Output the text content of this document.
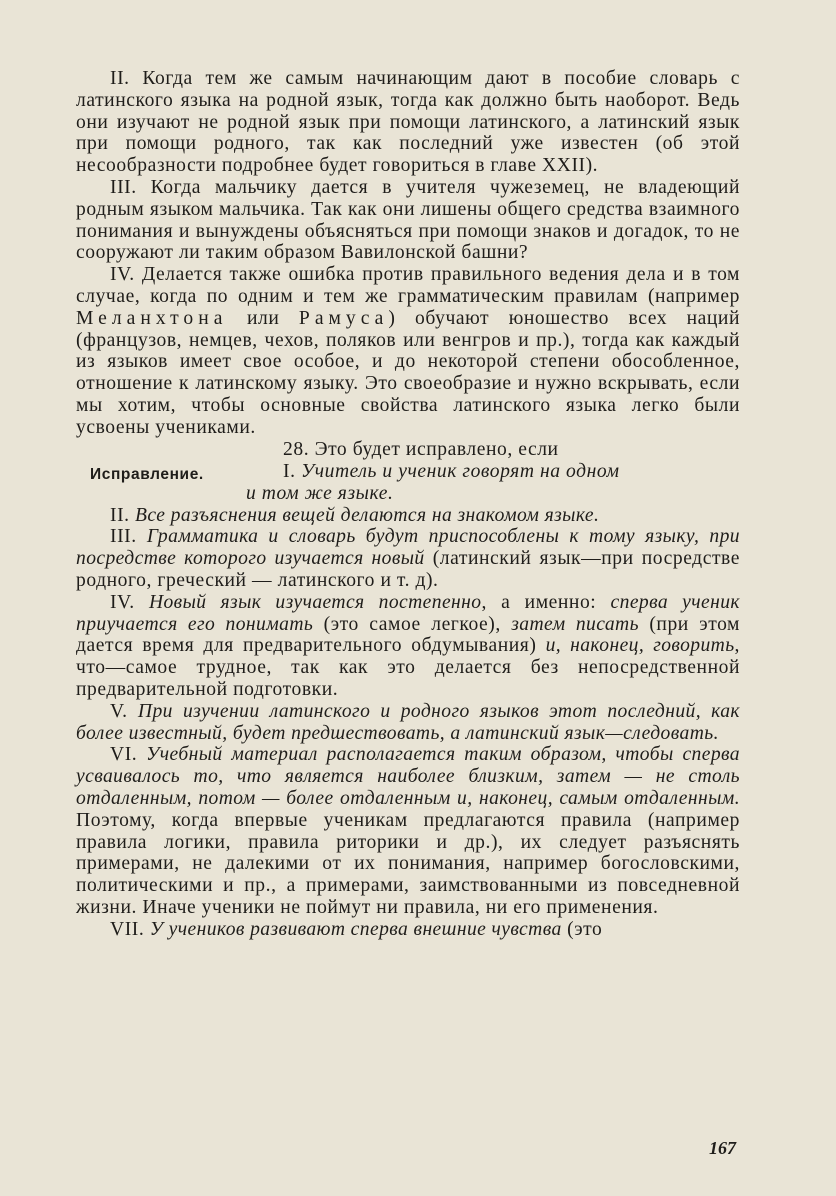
II. Когда тем же самым начинающим дают в пособие словарь с латинского языка на родной язык, тогда как должно быть наоборот. Ведь они изучают не родной язык при помощи латинского, а латинский язык при помощи родного, так как последний уже известен (об этой несообразности подробнее будет говориться в главе XXII).

III. Когда мальчику дается в учителя чужеземец, не владеющий родным языком мальчика. Так как они лишены общего средства взаимного понимания и вынуждены объясняться при помощи знаков и догадок, то не сооружают ли таким образом Вавилонской башни?

IV. Делается также ошибка против правильного ведения дела и в том случае, когда по одним и тем же грамматическим правилам (например Меланхтона или Рамуса) обучают юношество всех наций (французов, немцев, чехов, поляков или венгров и пр.), тогда как каждый из языков имеет свое особое, и до некоторой степени обособленное, отношение к латинскому языку. Это своеобразие и нужно вскрывать, если мы хотим, чтобы основные свойства латинского языка легко были усвоены учениками.

28. Это будет исправлено, если

Исправление.	I. Учитель и ученик говорят на одном

и том же языке.

II. Все разъяснения вещей делаются на знакомом языке.

III. Грамматика и словарь будут приспособлены к тому языку, при посредстве которого изучается новый (латинский язык—при посредстве родного, греческий — латинского и т. д).

IV. Новый язык изучается постепенно, а именно: сперва ученик приучается его понимать (это самое легкое), затем писать (при этом дается время для предварительного обдумывания) и, наконец, говорить, что—самое трудное, так как это делается без непосредственной предварительной подготовки.

V. При изучении латинского и родного языков этот последний, как более известный, будет предшествовать, а латинский язык—следовать.

VI. Учебный материал располагается таким образом, чтобы сперва усваивалось то, что является наиболее близким, затем — не столь отдаленным, потом — более отдаленным и, наконец, самым отдаленным. Поэтому, когда впервые ученикам предлагаются правила (например правила логики, правила риторики и др.), их следует разъяснять примерами, не далекими от их понимания, например богословскими, политическими и пр., а примерами, заимствованными из повседневной жизни. Иначе ученики не поймут ни правила, ни его применения.

VII. У учеников развивают сперва внешние чувства (это

167
